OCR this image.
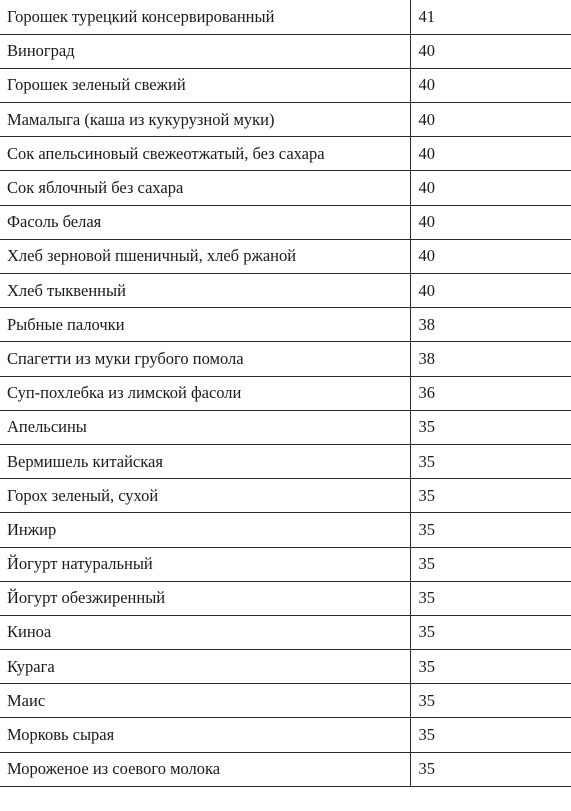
Горошек турецкий консервированный	41
Виноград	40
Горошек зеленый свежий	40
Мамалыга (каша из кукурузной муки)	40
Сок апельсиновый свежеотжатый, без сахара	40
Сок яблочный без сахара	40
Фасоль белая	40
Хлеб зерновой пшеничный, хлеб ржаной	40
Хлеб тыквенный	40
Рыбные палочки	38
Спагетти из муки грубого помола	38
Суп-похлебка из лимской фасоли	36
Апельсины	35
Вермишель китайская	35
Горох зеленый, сухой	35
Инжир	35
Йогурт натуральный	35
Йогурт обезжиренный	35
Киноа	35
Курага	35
Маис	35
Морковь сырая	35
Мороженое из соевого молока	35
